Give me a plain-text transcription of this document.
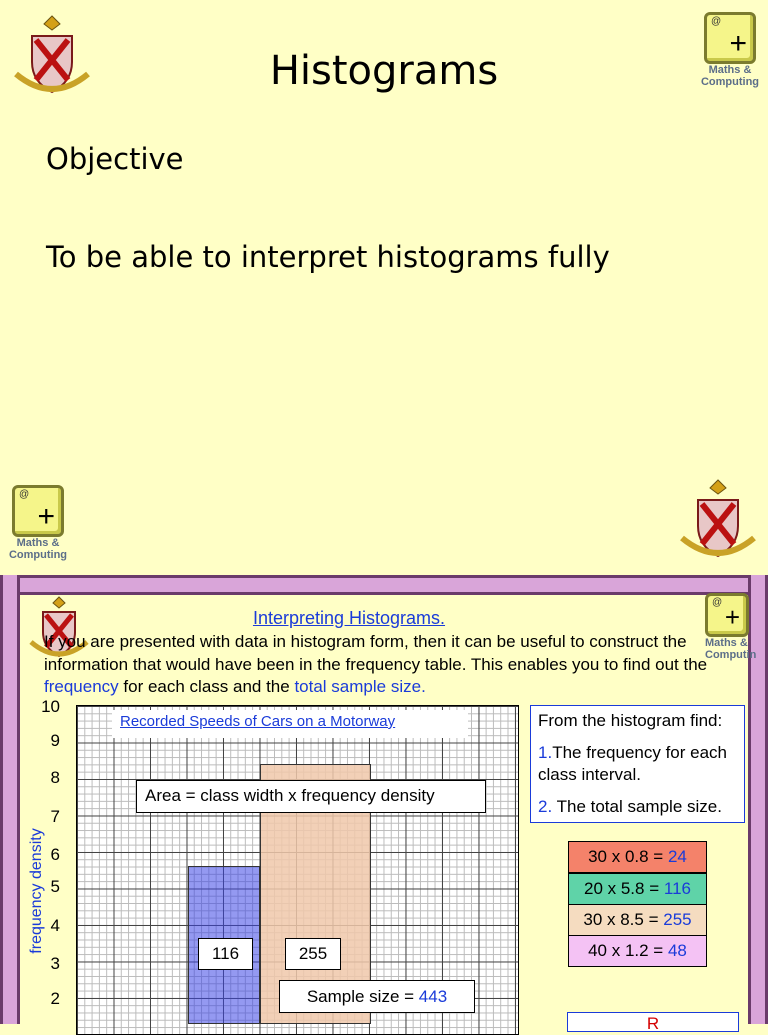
Histograms
@
+
Maths &
Computing
Objective
To be able to interpret histograms fully
@
+
Maths &
Computing
@ +
Maths &
Computin
Interpreting Histograms.
If you are presented with data in histogram form, then it can be useful to construct the information that would have been in the frequency table. This enables you to find out the frequency for each class and the total sample size.
10
9
8
7
6
5
4
3
2
frequency density
Recorded Speeds of Cars on a Motorway
Area = class width x frequency density
116	255
Sample size = 443
From the histogram find:
1.The frequency for each class interval.
2. The total sample size.
30 x 0.8 = 24
20 x 5.8 = 116
30 x 8.5 = 255
40 x 1.2 = 48
R
